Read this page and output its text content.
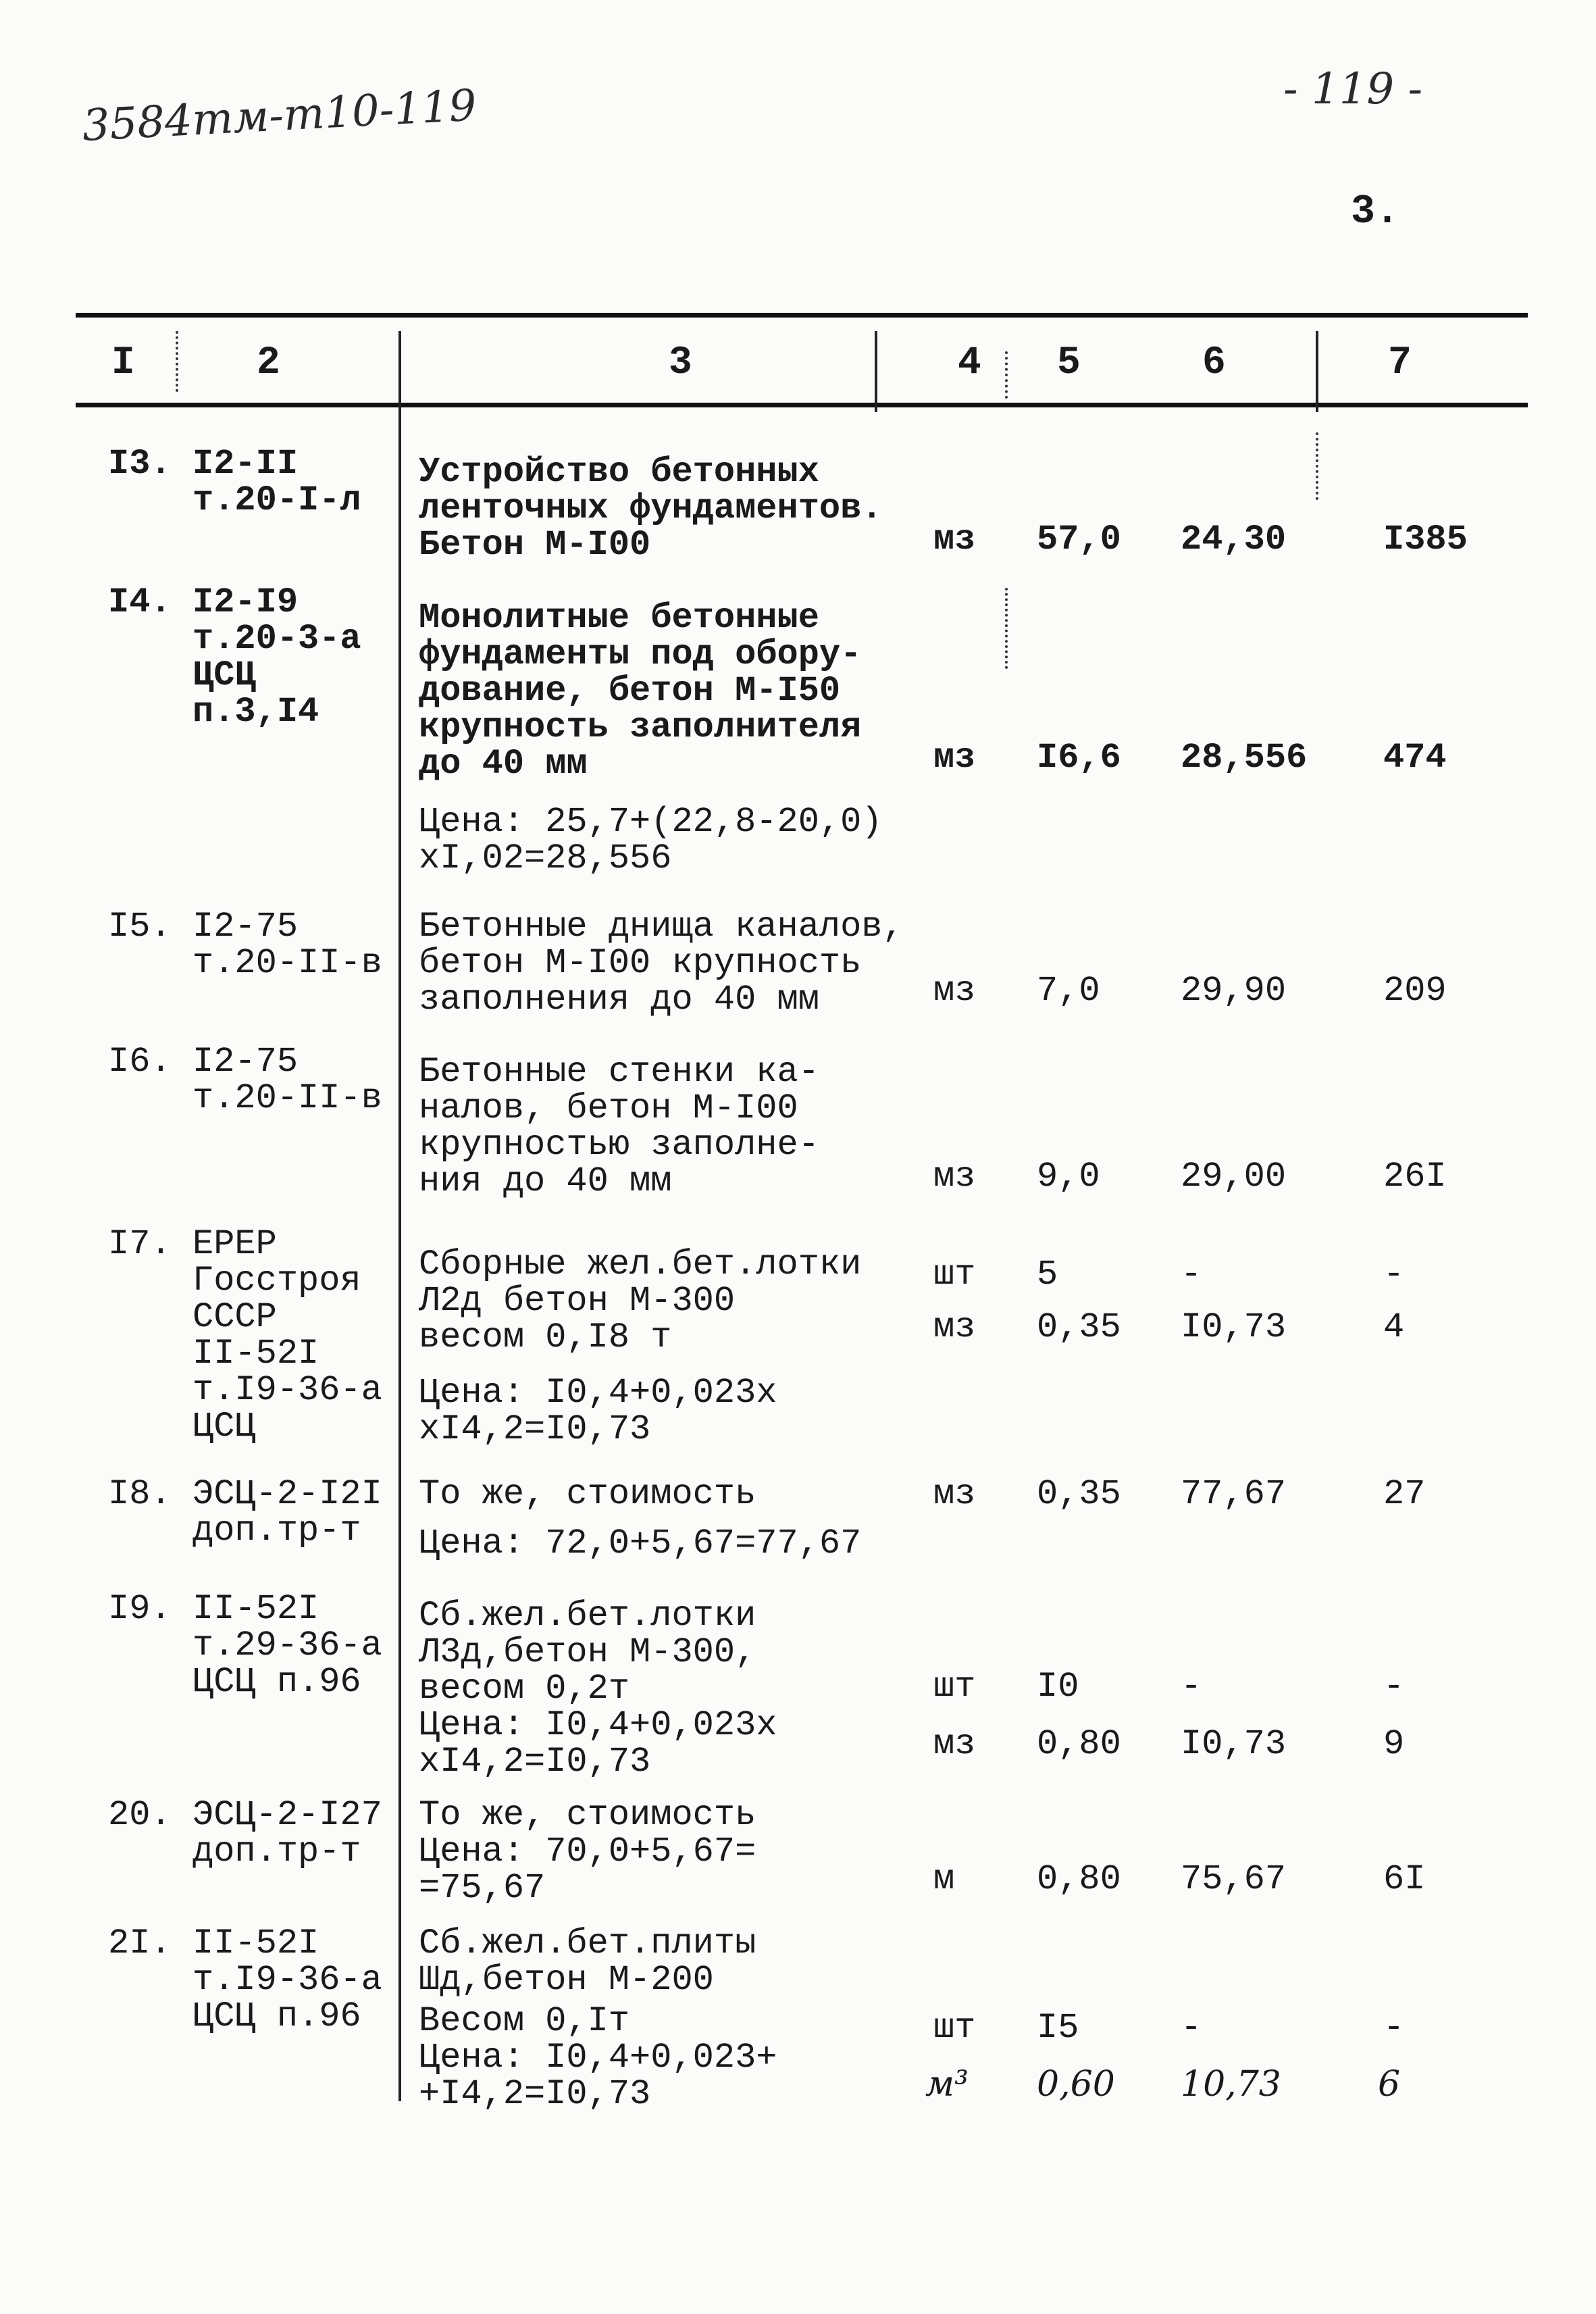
3584тм-т10-119	- 119 -
3.
I	2	3	4 5	6	7
I3. I2-II
т.20-I-л
Устройство бетонных
ленточных фундаментов.
Бетон М-I00	мз 57,0 24,30	I385
I4. I2-I9
т.20-3-а
ЦСЦ
п.3,I4
Монолитные бетонные
фундаменты под обору-
дование, бетон М-I50
крупность заполнителя
до 40 мм	мз I6,6 28,556 474
Цена: 25,7+(22,8-20,0)
хI,02=28,556
I5. I2-75
т.20-II-в
Бетонные днища каналов,
бетон М-I00 крупность
заполнения до 40 мм	мз 7,0 29,90	209
I6. I2-75
т.20-II-в
Бетонные стенки ка-
налов, бетон М-I00
крупностью заполне-
ния до 40 мм	мз 9,0 29,00	26I
I7. ЕРЕР
Госстроя
СССР
II-52I
т.I9-36-а
ЦСЦ
Сборные жел.бет.лотки
Л2д бетон М-300
весом 0,I8 т
шт 5	-	-
мз 0,35 I0,73	4
Цена: I0,4+0,023х
хI4,2=I0,73
I8. ЭСЦ-2-I2I
доп.тр-т
То же, стоимость	мз 0,35 77,67	27
Цена: 72,0+5,67=77,67
I9. II-52I
т.29-36-а
ЦСЦ п.96
Сб.жел.бет.лотки
Л3д,бетон М-300,
весом 0,2т
Цена: I0,4+0,023х
хI4,2=I0,73
шт I0	-	-
мз 0,80 I0,73	9
20. ЭСЦ-2-I27
доп.тр-т
То же, стоимость
Цена: 70,0+5,67=
=75,67	м 0,80 75,67	6I
2I. II-52I
т.I9-36-а
ЦСЦ п.96
Сб.жел.бет.плиты
Шд,бетон М-200
Весом 0,Iт
Цена: I0,4+0,023+
+I4,2=I0,73
шт I5	-	-
м³ 0,60 10,73	6
